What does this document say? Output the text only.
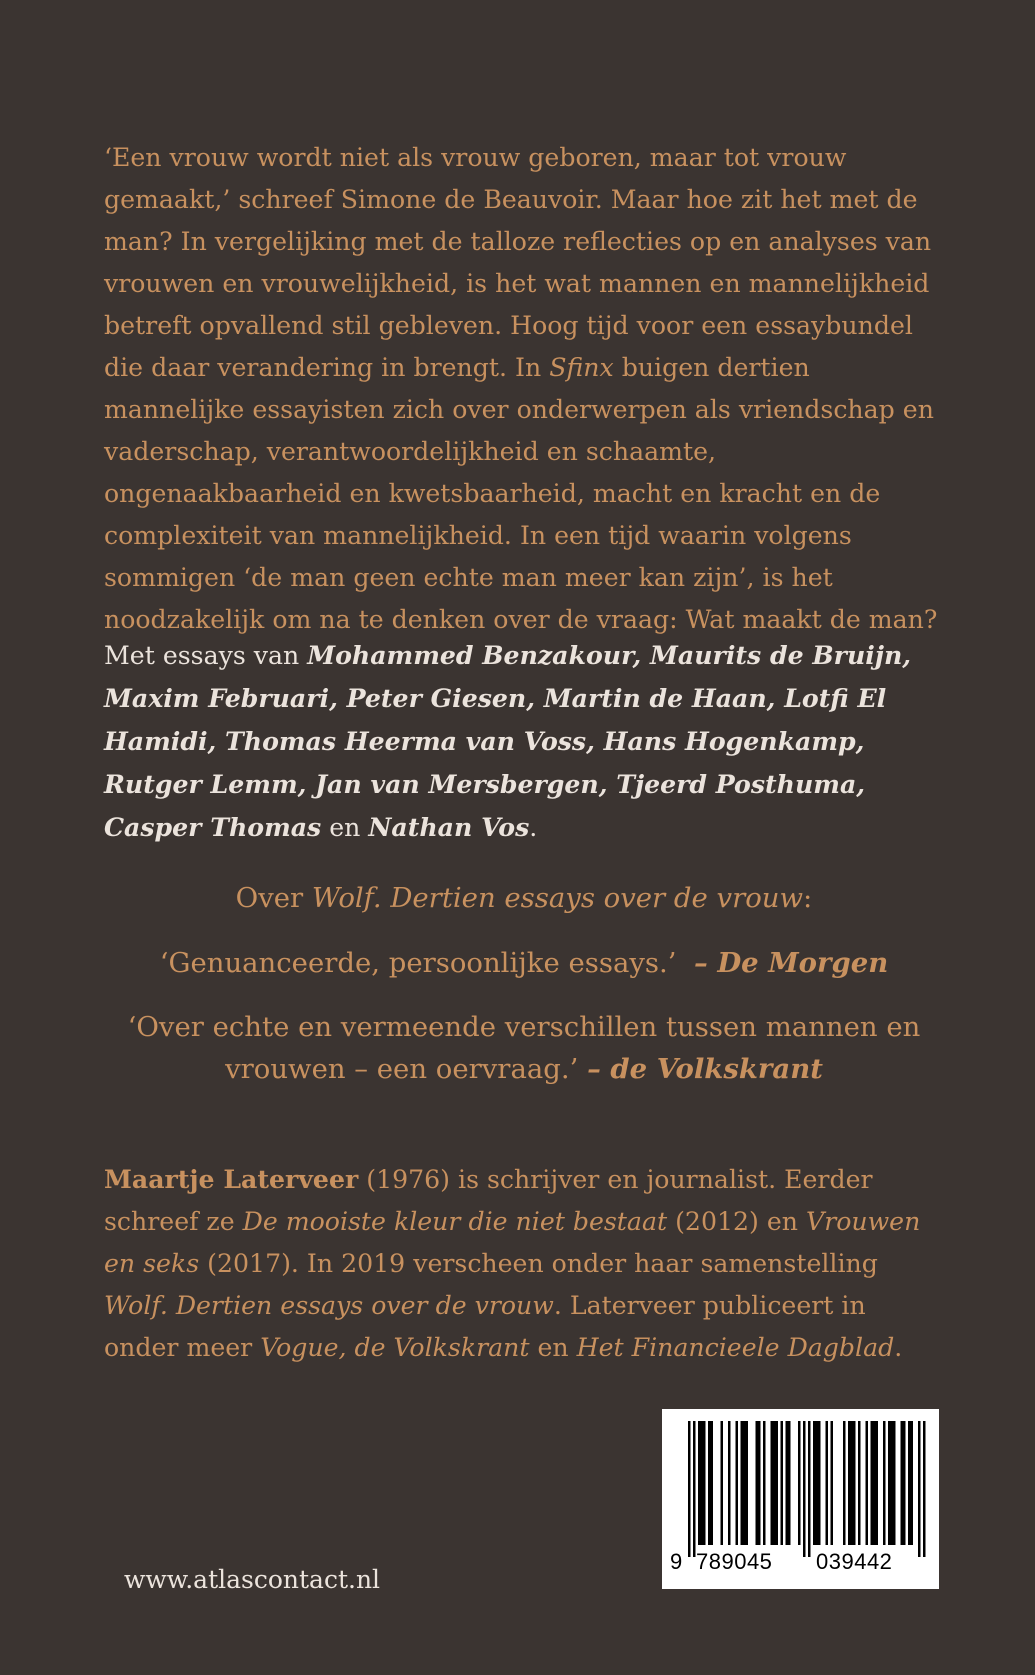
‘Een vrouw wordt niet als vrouw geboren, maar tot vrouw gemaakt,’ schreef Simone de Beauvoir. Maar hoe zit het met de man? In vergelijking met de talloze reflecties op en analyses van vrouwen en vrouwelijkheid, is het wat mannen en mannelijkheid betreft opvallend stil gebleven. Hoog tijd voor een essaybundel die daar verandering in brengt. In Sfinx buigen dertien mannelijke essayisten zich over onderwerpen als vriendschap en vaderschap, verantwoordelijkheid en schaamte, ongenaakbaarheid en kwetsbaarheid, macht en kracht en de complexiteit van mannelijkheid. In een tijd waarin volgens sommigen ‘de man geen echte man meer kan zijn’, is het noodzakelijk om na te denken over de vraag: Wat maakt de man?

Met essays van Mohammed Benzakour, Maurits de Bruijn, Maxim Februari, Peter Giesen, Martin de Haan, Lotfi El Hamidi, Thomas Heerma van Voss, Hans Hogenkamp, Rutger Lemm, Jan van Mersbergen, Tjeerd Posthuma, Casper Thomas en Nathan Vos.

Over Wolf. Dertien essays over de vrouw:

‘Genuanceerde, persoonlijke essays.’  – De Morgen

‘Over echte en vermeende verschillen tussen mannen en vrouwen – een oervraag.’ – de Volkskrant

Maartje Laterveer (1976) is schrijver en journalist. Eerder schreef ze De mooiste kleur die niet bestaat (2012) en Vrouwen en seks (2017). In 2019 verscheen onder haar samenstelling Wolf. Dertien essays over de vrouw. Laterveer publiceert in onder meer Vogue, de Volkskrant en Het Financieele Dagblad.

www.atlascontact.nl
9 789045 039442
